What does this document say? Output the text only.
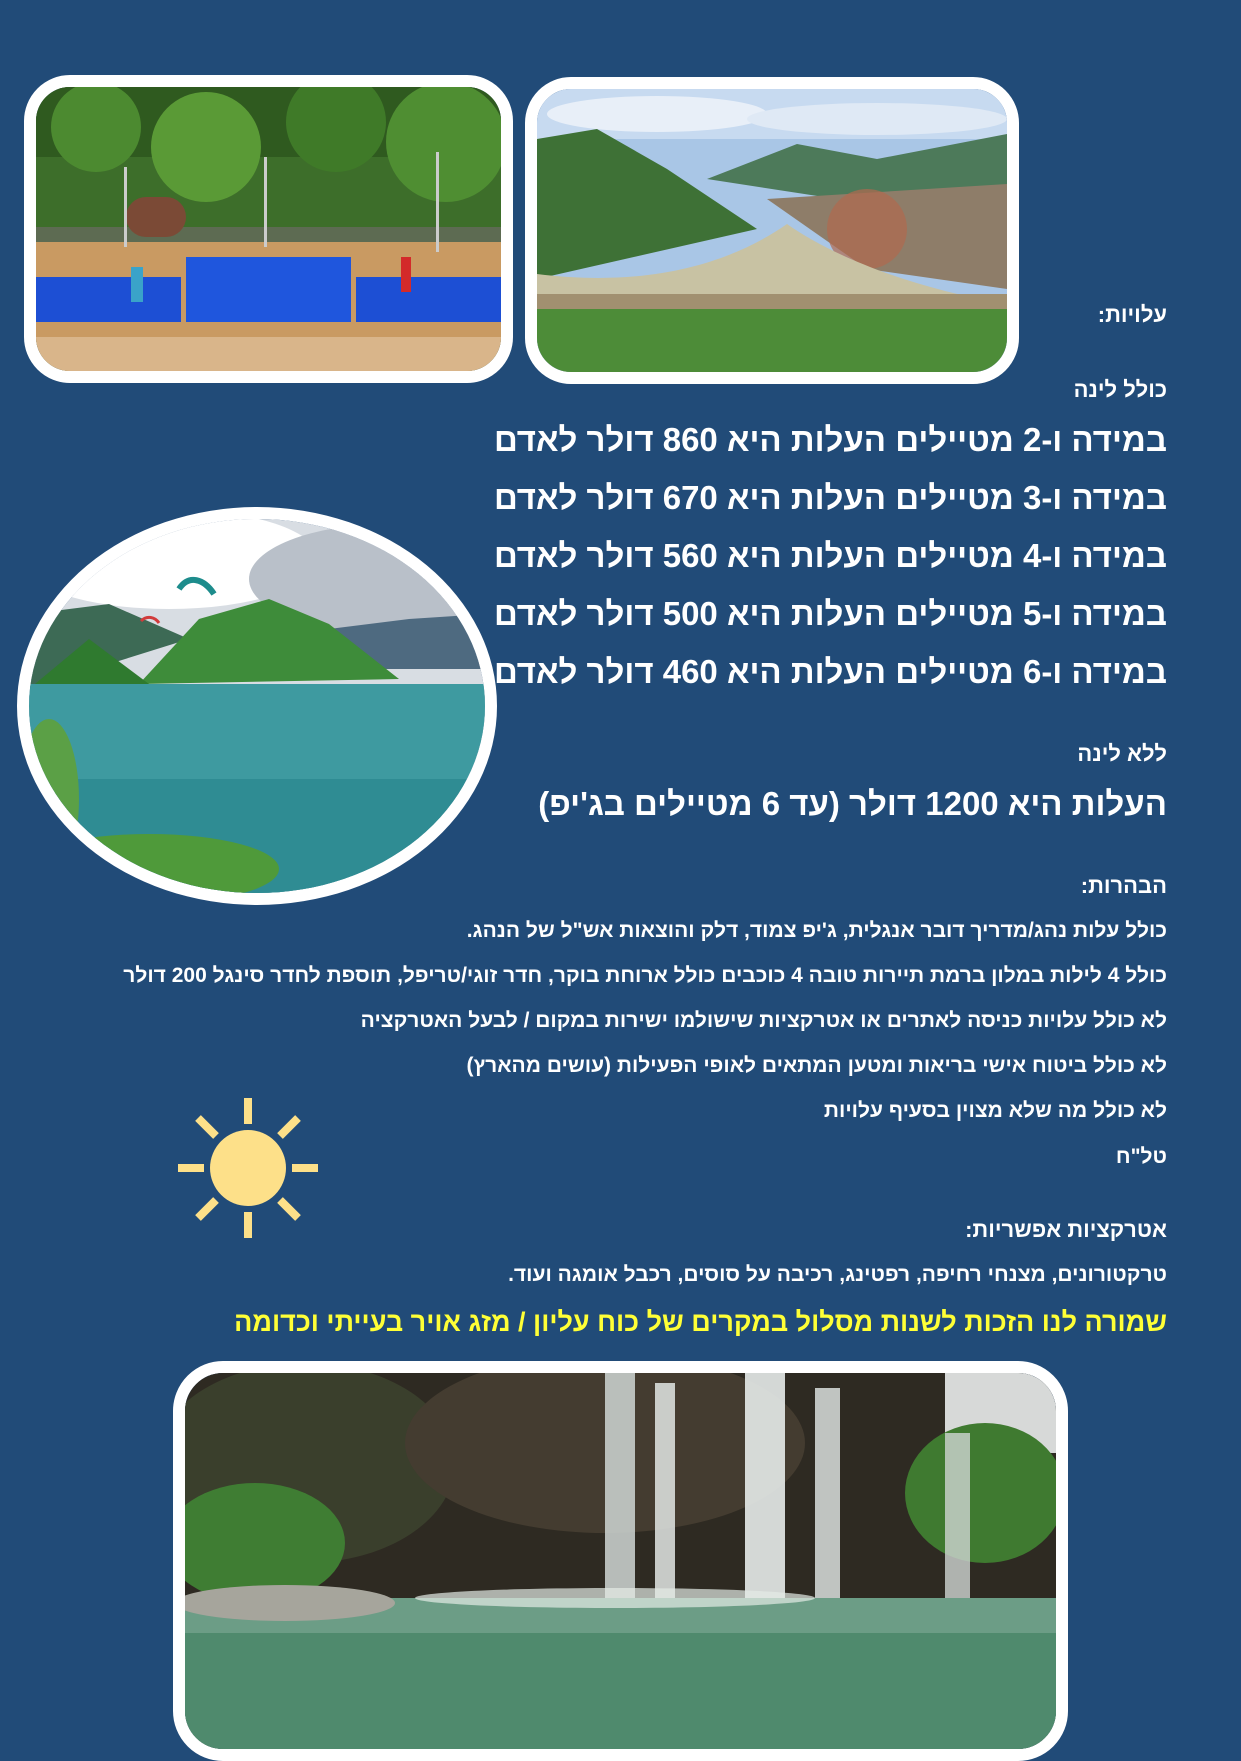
עלויות:
כולל לינה
במידה ו-2 מטיילים העלות היא 860 דולר לאדם
במידה ו-3 מטיילים העלות היא 670 דולר לאדם
במידה ו-4 מטיילים העלות היא 560 דולר לאדם
במידה ו-5 מטיילים העלות היא 500 דולר לאדם
במידה ו-6 מטיילים העלות היא 460 דולר לאדם
ללא לינה
העלות היא 1200 דולר (עד 6 מטיילים בג'יפ)
הבהרות:
כולל עלות נהג/מדריך דובר אנגלית, ג'יפ צמוד, דלק והוצאות אש"ל של הנהג.
כולל 4 לילות במלון ברמת תיירות טובה 4 כוכבים כולל ארוחת בוקר, חדר זוגי/טריפל, תוספת לחדר סינגל 200 דולר
לא כולל עלויות כניסה לאתרים או אטרקציות שישולמו ישירות במקום / לבעל האטרקציה
לא כולל ביטוח אישי בריאות ומטען המתאים לאופי הפעילות (עושים מהארץ)
לא כולל מה שלא מצוין בסעיף עלויות
טל"ח
אטרקציות אפשריות:
טרקטורונים, מצנחי רחיפה, רפטינג, רכיבה על סוסים, רכבל אומגה ועוד.
שמורה לנו הזכות לשנות מסלול במקרים של כוח עליון / מזג אויר בעייתי וכדומה
